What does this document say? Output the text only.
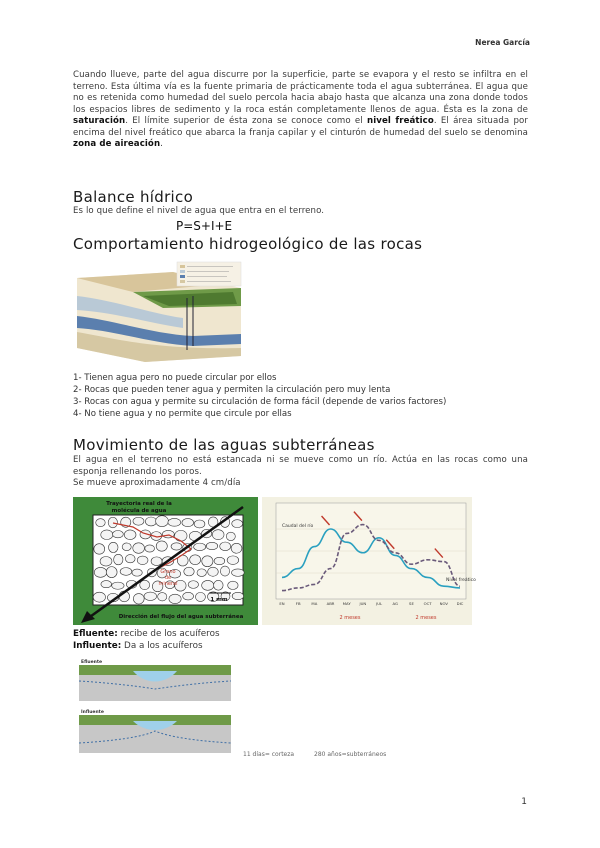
Nerea García
Cuando llueve, parte del agua discurre por la superficie, parte se evapora y el resto se infiltra en el terreno. Esta última vía es la fuente primaria de prácticamente toda el agua subterránea. El agua que no es retenida como humedad del suelo percola hacia abajo hasta que alcanza una zona donde todos los espacios libres de sedimento y la roca están completamente llenos de agua. Ésta es la zona de saturación. El límite superior de ésta zona se conoce como el nivel freático. El área situada por encima del nivel freático que abarca la franja capilar y el cinturón de humedad del suelo se denomina zona de aireación.
Balance hídrico
Es lo que define el nivel de agua que entra en el terreno.
P=S+I+E
Comportamiento hidrogeológico de las rocas
1- Tienen agua pero no puede circular por ellos
2- Rocas que pueden tener agua y permiten la circulación pero muy lenta
3- Rocas con agua y permite su circulación de forma fácil (depende de varios factores)
4- No tiene agua y no permite que circule por ellas
Movimiento de las aguas subterráneas
El agua en el terreno no está estancada ni se mueve como un río. Actúa en las rocas como una esponja rellenando los poros.
Se mueve aproximadamente 4 cm/día
Trayectoria real de la
molécula de agua
Grano
de
mineral
1 mm
Dirección del flujo del agua subterránea
EN	FB	MA ABR MAY JUN	JUL	AG	SE	OCT NOV DIC
Caudal del río
Nivel freático
2 meses	2 meses
Efluente: recibe de los acuíferos
Influente: Da a los acuíferos
Efluente
Influente
11 días= corteza	280 años=subterráneos
1
